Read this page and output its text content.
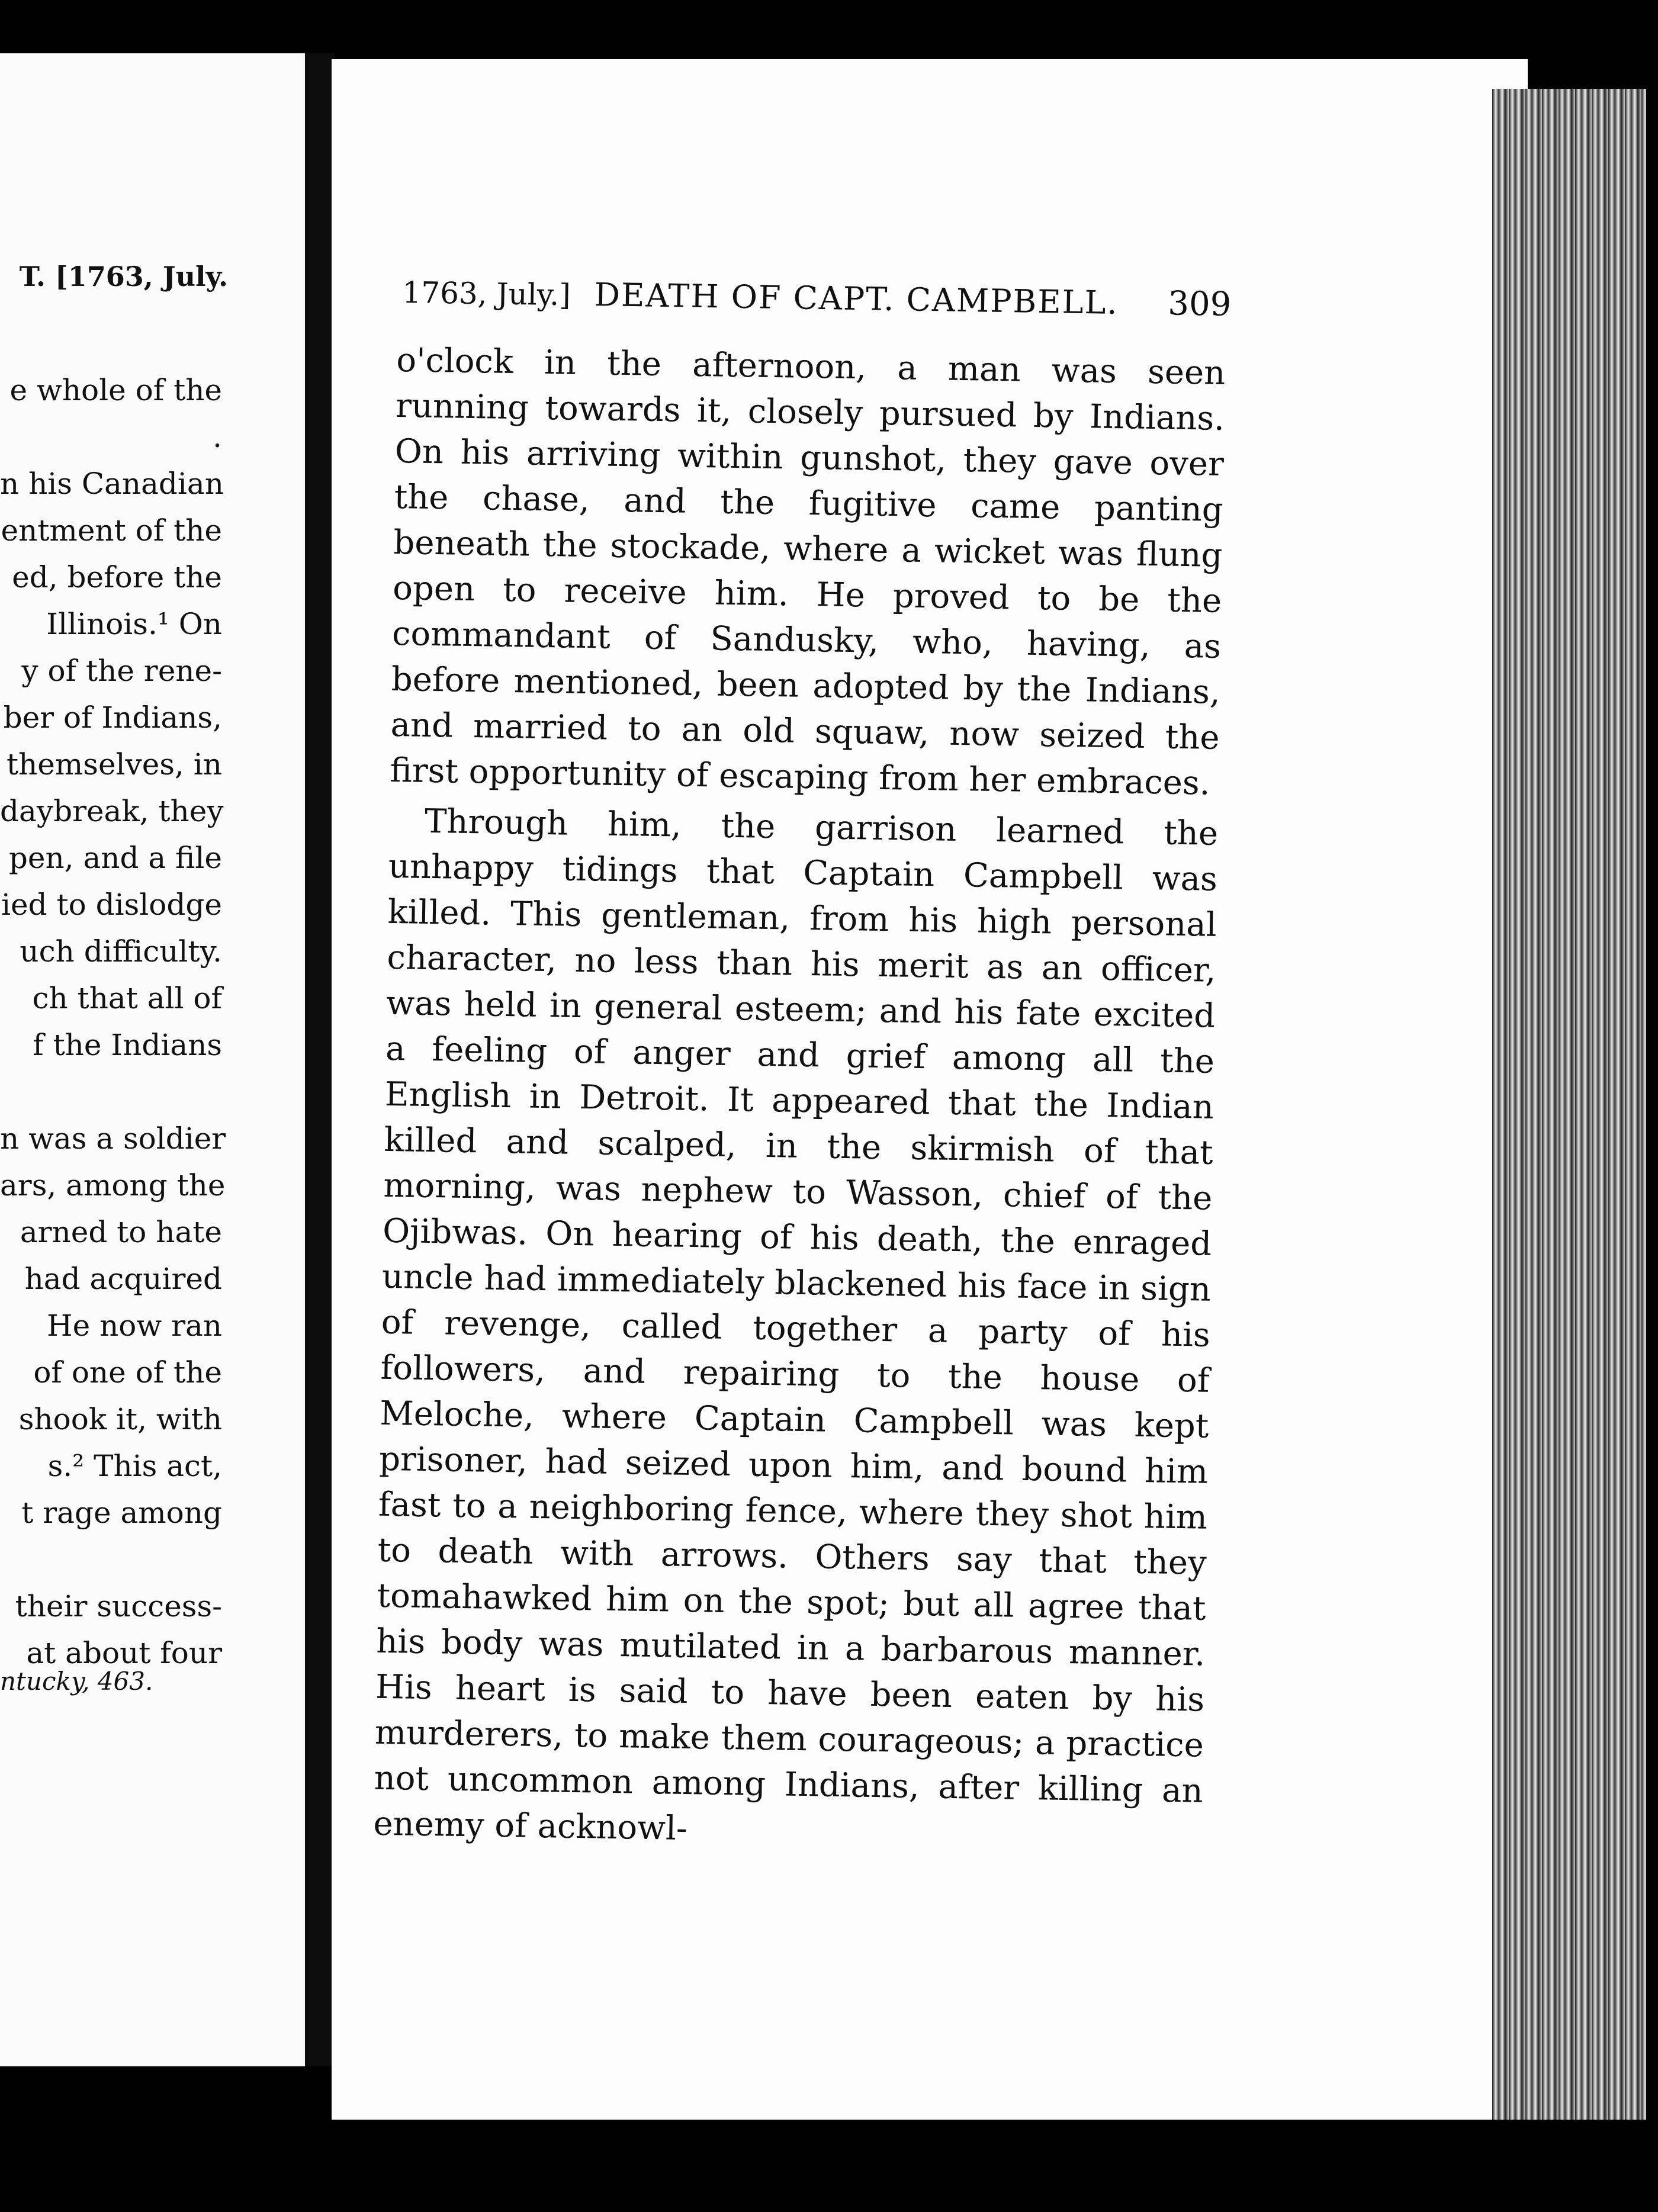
T. [1763, July.
e whole of the
.
n his Canadian
entment of the
ed, before the
Illinois.¹ On
y of the rene-
ber of Indians,
themselves, in
daybreak, they
pen, and a file
ied to dislodge
uch difficulty.
ch that all of
f the Indians
n was a soldier
ars, among the
arned to hate
had acquired
He now ran
of one of the
shook it, with
s.² This act,
t rage among
their success-
at about four
ntucky, 463.
1763, July.] DEATH OF CAPT. CAMPBELL. 309

o'clock in the afternoon, a man was seen running towards it, closely pursued by Indians. On his arriving within gunshot, they gave over the chase, and the fugitive came panting beneath the stockade, where a wicket was flung open to receive him. He proved to be the commandant of Sandusky, who, having, as before mentioned, been adopted by the Indians, and married to an old squaw, now seized the first opportunity of escaping from her embraces.

Through him, the garrison learned the unhappy tidings that Captain Campbell was killed. This gentleman, from his high personal character, no less than his merit as an officer, was held in general esteem; and his fate excited a feeling of anger and grief among all the English in Detroit. It appeared that the Indian killed and scalped, in the skirmish of that morning, was nephew to Wasson, chief of the Ojibwas. On hearing of his death, the enraged uncle had immediately blackened his face in sign of revenge, called together a party of his followers, and repairing to the house of Meloche, where Captain Campbell was kept prisoner, had seized upon him, and bound him fast to a neighboring fence, where they shot him to death with arrows. Others say that they tomahawked him on the spot; but all agree that his body was mutilated in a barbarous manner. His heart is said to have been eaten by his murderers, to make them courageous; a practice not uncommon among Indians, after killing an enemy of acknowl-
